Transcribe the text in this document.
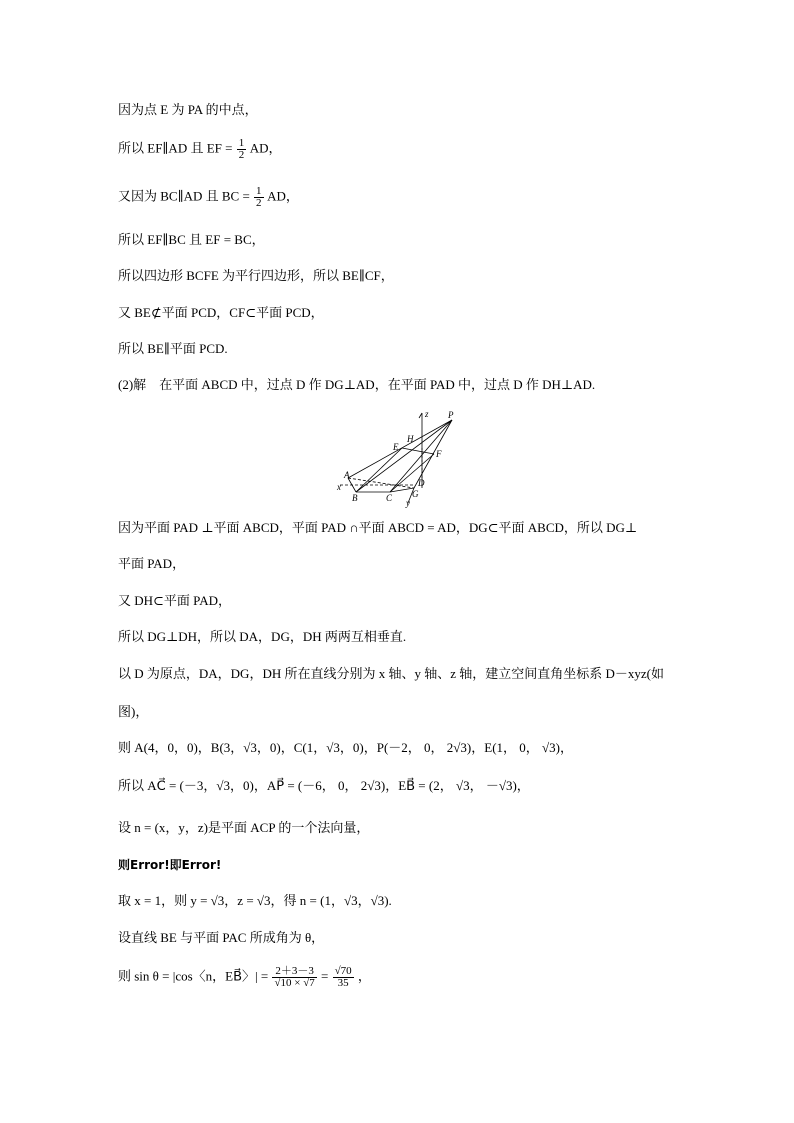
因为点 E 为 PA 的中点，
所以 EF∥AD 且 EF = $\frac{1}{2}$ AD，
又因为 BC∥AD 且 BC = $\frac{1}{2}$ AD，
所以 EF∥BC 且 EF = BC，
所以四边形 BCFE 为平行四边形，所以 BE∥CF，
又 BE⊄平面 PCD，CF⊂平面 PCD，
所以 BE∥平面 PCD.
(2)解　在平面 ABCD 中，过点 D 作 DG⊥AD，在平面 PAD 中，过点 D 作 DH⊥AD.
z P
H
E
F
A
x	D
B	C G
y
因为平面 PAD ⊥平面 ABCD，平面 PAD ∩平面 ABCD = AD，DG⊂平面 ABCD，所以 DG⊥
平面 PAD，
又 DH⊂平面 PAD，
所以 DG⊥DH，所以 DA，DG，DH 两两互相垂直.
以 D 为原点，DA，DG，DH 所在直线分别为 x 轴、y 轴、z 轴，建立空间直角坐标系 D－xyz(如
图)，
则 A(4，0，0)，B(3，√3，0)，C(1，√3，0)，P(－2， 0， 2√3)，E(1， 0， √3)，
所以 AC⃗ = (－3，√3，0)，AP⃗ = (－6， 0， 2√3)，EB⃗ = (2， √3， －√3)，
设 n = (x，y，z)是平面 ACP 的一个法向量，
则Error!即Error!
取 x = 1，则 y = √3，z = √3，得 n = (1，√3，√3).
设直线 BE 与平面 PAC 所成角为 θ，
则 sin θ = |cos〈n，EB⃗〉| = $\frac{2+3-3}{√10 \times √7} = \frac{√70}{35}$ ，
